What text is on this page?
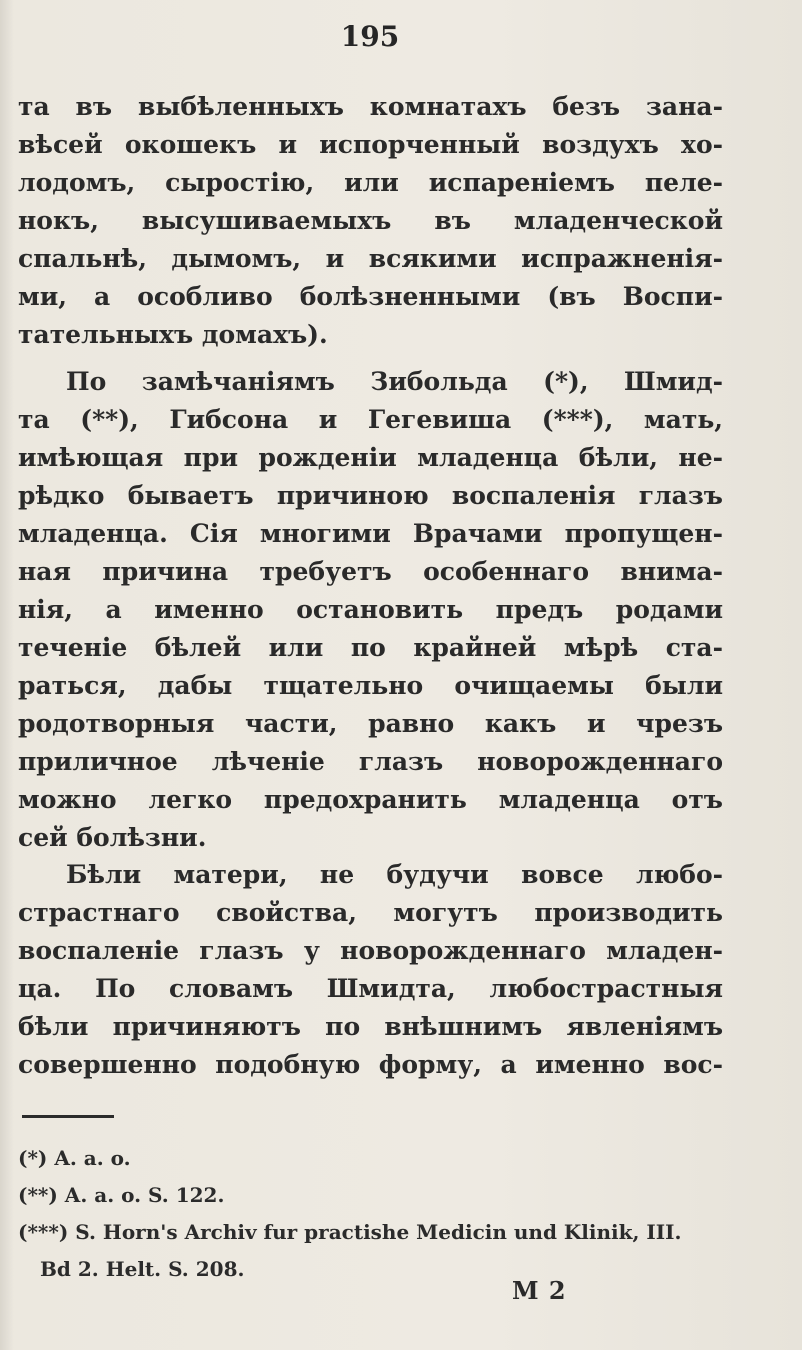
195
та въ выбѣленныхъ комнатахъ безъ зана-
вѣсей окошекъ и испорченный воздухъ хо-
лодомъ, сыростію, или испареніемъ пеле-
нокъ, высушиваемыхъ въ младенческой
спальнѣ, дымомъ, и всякими испражненія-
ми, а особливо болѣзненными (въ Воспи-
тательныхъ домахъ).
По замѣчаніямъ Зибольда (*), Шмид-
та (**), Гибсона и Гегевиша (***), мать,
имѣющая при рожденіи младенца бѣли, не-
рѣдко бываетъ причиною воспаленія глазъ
младенца. Сія многими Врачами пропущен-
ная причина требуетъ особеннаго внима-
нія, а именно остановить предъ родами
теченіе бѣлей или по крайней мѣрѣ ста-
раться, дабы тщательно очищаемы были
родотворныя части, равно какъ и чрезъ
приличное лѣченіе глазъ новорожденнаго
можно легко предохранить младенца отъ
сей болѣзни.
Бѣли матери, не будучи вовсе любо-
страстнаго свойства, могутъ производить
воспаленіе глазъ у новорожденнаго младен-
ца. По словамъ Шмидта, любострастныя
бѣли причиняютъ по внѣшнимъ явленіямъ
совершенно подобную форму, а именно вос-
(*) A. a. o.
(**) A. a. o. S. 122.
(***) S. Horn's Archiv fur practishe Medicin und Klinik, III.
Bd 2. Helt. S. 208.
M 2
